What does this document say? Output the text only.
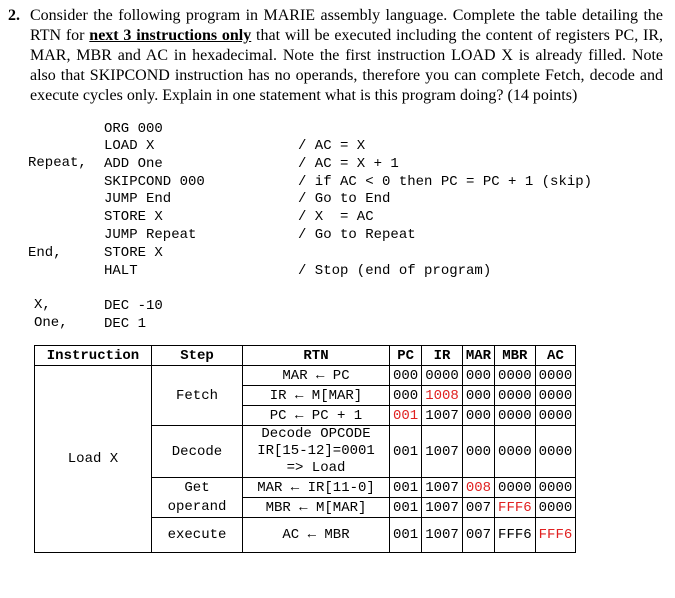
2. Consider the following program in MARIE assembly language. Complete the table detailing the RTN for next 3 instructions only that will be executed including the content of registers PC, IR, MAR, MBR and AC in hexadecimal. Note the first instruction LOAD X is already filled. Note also that SKIPCOND instruction has no operands, therefore you can complete Fetch, decode and execute cycles only. Explain in one statement what is this program doing? (14 points)
Repeat,
End,
X,
One,
ORG 000
LOAD X
ADD One
SKIPCOND 000
JUMP End
STORE X
JUMP Repeat
STORE X
HALT
DEC -10
DEC 1
/ AC = X
/ AC = X + 1
/ if AC < 0 then PC = PC + 1 (skip)
/ Go to End
/ X  = AC
/ Go to Repeat
/ Stop (end of program)
Instruction	Step	RTN	PC	IR	MAR	MBR	AC
Load X	Fetch	MAR ← PC	000	0000	000	0000	0000
		IR ← M[MAR]	000	1008	000	0000	0000
		PC ← PC + 1	001	1007	000	0000	0000
	Decode	Decode OPCODE
IR[15-12]=0001
=> Load	001	1007	000	0000	0000
	Get operand	MAR ← IR[11-0]	001	1007	008	0000	0000
		MBR ← M[MAR]	001	1007	007	FFF6	0000
	execute	AC ← MBR	001	1007	007	FFF6	FFF6
